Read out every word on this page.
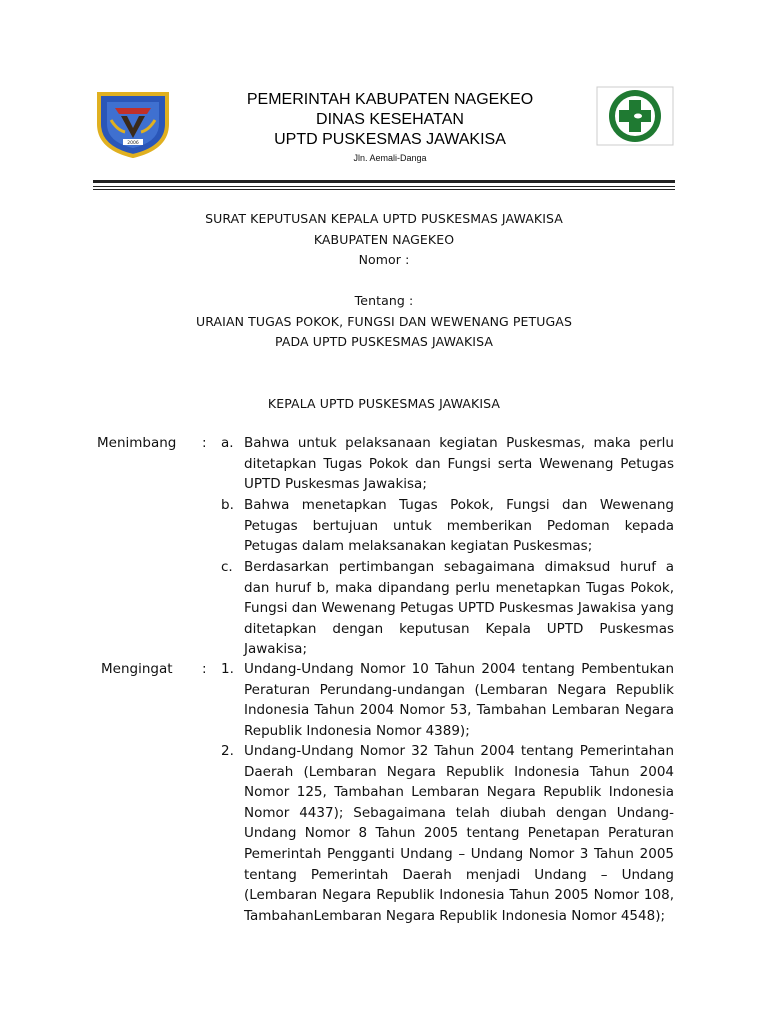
2006
PEMERINTAH KABUPATEN NAGEKEO
DINAS KESEHATAN
UPTD PUSKESMAS JAWAKISA
Jln. Aemali-Danga
SURAT KEPUTUSAN KEPALA UPTD PUSKESMAS JAWAKISA
KABUPATEN NAGEKEO
Nomor :
Tentang :
URAIAN TUGAS POKOK, FUNGSI DAN WEWENANG PETUGAS
PADA UPTD PUSKESMAS JAWAKISA
KEPALA UPTD PUSKESMAS JAWAKISA
Menimbang	: a. Bahwa untuk pelaksanaan kegiatan Puskesmas, maka perlu ditetapkan Tugas Pokok dan Fungsi serta Wewenang Petugas UPTD Puskesmas Jawakisa;
b. Bahwa menetapkan Tugas Pokok, Fungsi dan Wewenang Petugas bertujuan untuk memberikan Pedoman kepada Petugas dalam melaksanakan kegiatan Puskesmas;
c. Berdasarkan pertimbangan sebagaimana dimaksud huruf a dan huruf b, maka dipandang perlu menetapkan Tugas Pokok, Fungsi dan Wewenang Petugas UPTD Puskesmas Jawakisa yang ditetapkan dengan keputusan Kepala UPTD Puskesmas Jawakisa;
Mengingat	: 1. Undang-Undang Nomor 10 Tahun 2004 tentang Pembentukan Peraturan Perundang-undangan (Lembaran Negara Republik Indonesia Tahun 2004 Nomor 53, Tambahan Lembaran Negara Republik Indonesia Nomor 4389);
2. Undang-Undang Nomor 32 Tahun 2004 tentang Pemerintahan Daerah (Lembaran Negara Republik Indonesia Tahun 2004 Nomor 125, Tambahan Lembaran Negara Republik Indonesia Nomor 4437); Sebagaimana telah diubah dengan Undang-Undang Nomor 8 Tahun 2005 tentang Penetapan Peraturan Pemerintah Pengganti Undang – Undang Nomor 3 Tahun 2005 tentang Pemerintah Daerah menjadi Undang – Undang (Lembaran Negara Republik Indonesia Tahun 2005 Nomor 108, TambahanLembaran Negara Republik Indonesia Nomor 4548);
